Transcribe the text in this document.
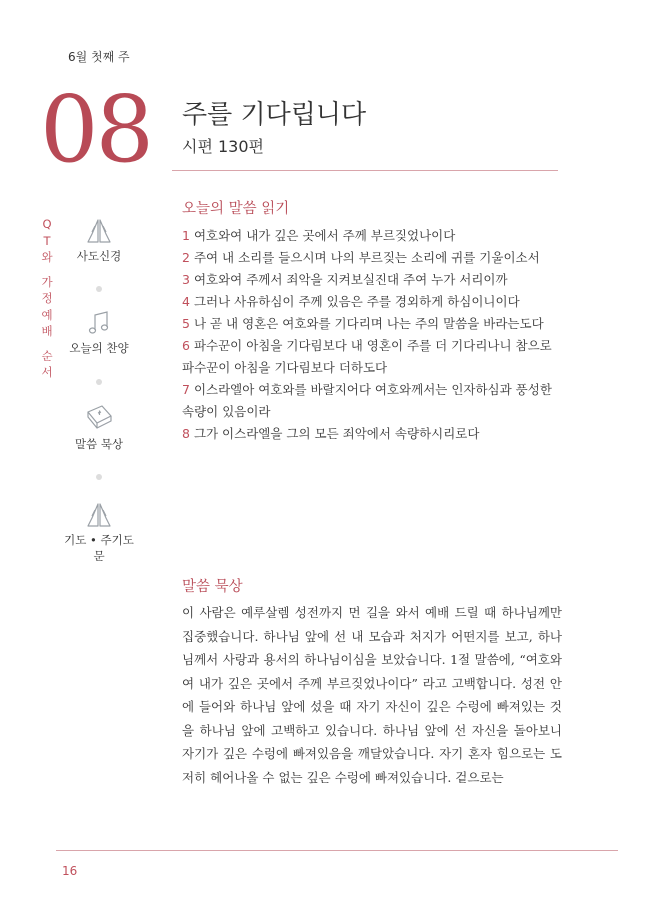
6월 첫째 주
08 주를 기다립니다
시편 130편
Q
T
와
가
정
예
배
순
서
사도신경
오늘의 찬양
말씀 묵상
기도 • 주기도문
오늘의 말씀 읽기
1 여호와여 내가 깊은 곳에서 주께 부르짖었나이다
2 주여 내 소리를 들으시며 나의 부르짖는 소리에 귀를 기울이소서
3 여호와여 주께서 죄악을 지켜보실진대 주여 누가 서리이까
4 그러나 사유하심이 주께 있음은 주를 경외하게 하심이니이다
5 나 곧 내 영혼은 여호와를 기다리며 나는 주의 말씀을 바라는도다
6 파수꾼이 아침을 기다림보다 내 영혼이 주를 더 기다리나니 참으로 파수꾼이 아침을 기다림보다 더하도다
7 이스라엘아 여호와를 바랄지어다 여호와께서는 인자하심과 풍성한 속량이 있음이라
8 그가 이스라엘을 그의 모든 죄악에서 속량하시리로다
말씀 묵상
이 사람은 예루살렘 성전까지 먼 길을 와서 예배 드릴 때 하나님께만 집중했습니다. 하나님 앞에 선 내 모습과 처지가 어떤지를 보고, 하나님께서 사랑과 용서의 하나님이심을 보았습니다. 1절 말씀에, “여호와여 내가 깊은 곳에서 주께 부르짖었나이다” 라고 고백합니다. 성전 안에 들어와 하나님 앞에 섰을 때 자기 자신이 깊은 수렁에 빠져있는 것을 하나님 앞에 고백하고 있습니다. 하나님 앞에 선 자신을 돌아보니 자기가 깊은 수렁에 빠져있음을 깨달았습니다. 자기 혼자 힘으로는 도저히 헤어나올 수 없는 깊은 수렁에 빠져있습니다. 겉으로는
16
